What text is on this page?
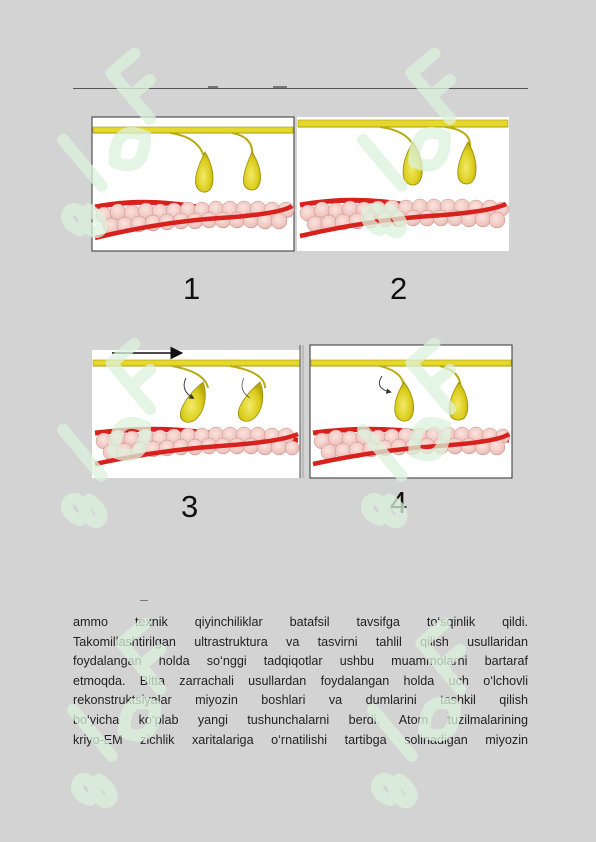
1	2
3	4
ammo texnik qiyinchiliklar batafsil tavsifga to‘sqinlik qildi.
Takomillashtirilgan ultrastruktura va tasvirni tahlil qilish usullaridan
foydalangan holda so‘nggi tadqiqotlar ushbu muammolarni bartaraf
etmoqda. Bitta zarrachali usullardan foydalangan holda uch o‘lchovli
rekonstruktsiyalar miyozin boshlari va dumlarini tashkil qilish
bo‘yicha ko‘plab yangi tushunchalarni berdi. Atom tuzilmalarining
kriyo-EM zichlik xaritalariga o‘rnatilishi tartibga solinadigan miyozin
